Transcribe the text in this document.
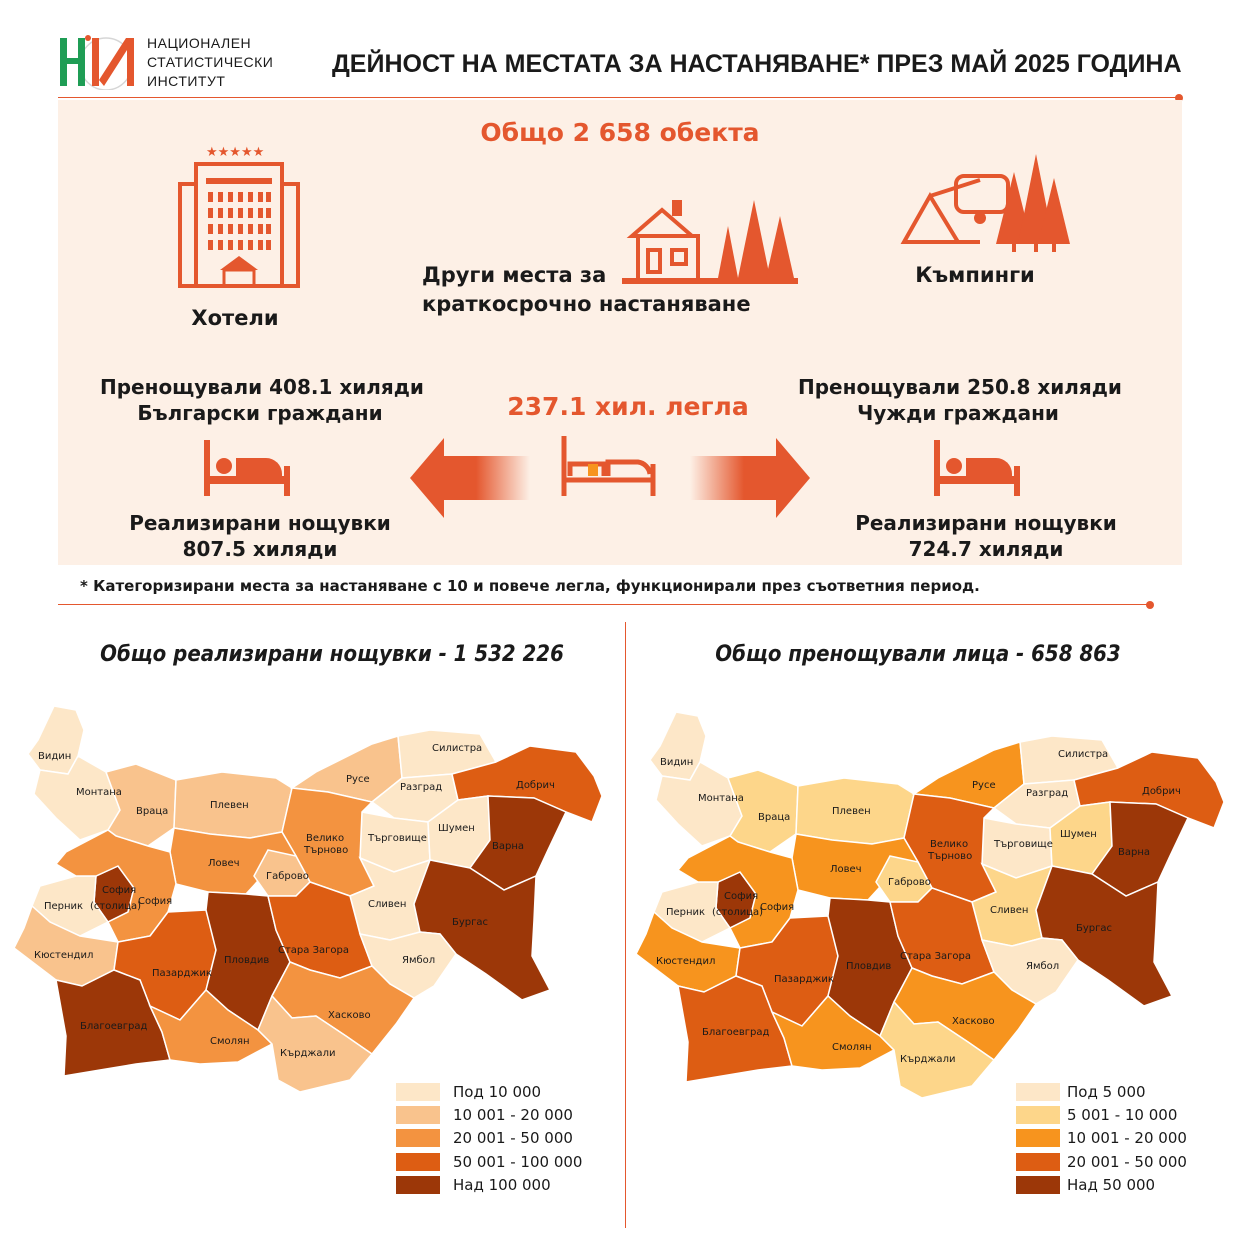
НАЦИОНАЛЕН
СТАТИСТИЧЕСКИ
ИНСТИТУТ
ДЕЙНОСТ НА МЕСТАТА ЗА НАСТАНЯВАНЕ* ПРЕЗ МАЙ 2025 ГОДИНА
Общо 2 658 обекта
★★★★★
Хотели
Други места за
краткосрочно настаняване
Къмпинги
Пренощували 408.1 хиляди
Български граждани
Пренощували 250.8 хиляди
Чужди граждани
237.1 хил. легла
Реализирани нощувки
807.5 хиляди
Реализирани нощувки
724.7 хиляди
* Категоризирани места за настаняване с 10 и повече легла, функционирали през съответния период.
Общо реализирани нощувки - 1 532 226	Общо пренощували лица - 658 863
Видин
Монтана
Враца
Плевен
Русе
Силистра
Разград	Добрич
Търговище
Шумен
Варна
Велико
Търново
Ловеч
Габрово
София
Перник (столица)
София	Сливен
Бургас
Кюстендил
Пазарджик
Пловдив
Стара Загора
Ямбол
Хасково
Благоевград
Смолян
Кърджали
Под 10 000
10 001 - 20 000
20 001 - 50 000
50 001 - 100 000
Над 100 000
Видин
Монтана
Враца
Плевен
Русе
Силистра
Разград	Добрич
Търговище
Шумен
Варна
Велико
Търново
Ловеч
Габрово
София
Перник (столица)
София	Сливен
Бургас
Кюстендил
Пазарджик
Пловдив
Стара Загора
Ямбол
Хасково
Благоевград
Смолян
Кърджали
Под 5 000
5 001 - 10 000
10 001 - 20 000
20 001 - 50 000
Над 50 000
